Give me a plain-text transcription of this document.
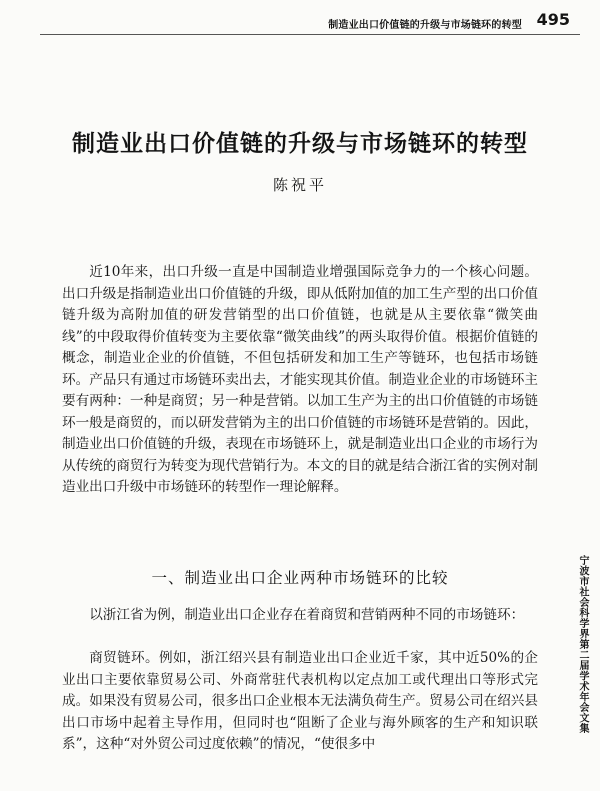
制造业出口价值链的升级与市场链环的转型 495
制造业出口价值链的升级与市场链环的转型
陈祝平

近10年来，出口升级一直是中国制造业增强国际竞争力的一个核心问题。出口升级是指制造业出口价值链的升级，即从低附加值的加工生产型的出口价值链升级为高附加值的研发营销型的出口价值链，也就是从主要依靠“微笑曲线”的中段取得价值转变为主要依靠“微笑曲线”的两头取得价值。根据价值链的概念，制造业企业的价值链，不但包括研发和加工生产等链环，也包括市场链环。产品只有通过市场链环卖出去，才能实现其价值。制造业企业的市场链环主要有两种：一种是商贸；另一种是营销。以加工生产为主的出口价值链的市场链环一般是商贸的，而以研发营销为主的出口价值链的市场链环是营销的。因此，制造业出口价值链的升级，表现在市场链环上，就是制造业出口企业的市场行为从传统的商贸行为转变为现代营销行为。本文的目的就是结合浙江省的实例对制造业出口升级中市场链环的转型作一理论解释。

一、制造业出口企业两种市场链环的比较

以浙江省为例，制造业出口企业存在着商贸和营销两种不同的市场链环：

商贸链环。例如，浙江绍兴县有制造业出口企业近千家，其中近50%的企业出口主要依靠贸易公司、外商常驻代表机构以定点加工或代理出口等形式完成。如果没有贸易公司，很多出口企业根本无法满负荷生产。贸易公司在绍兴县出口市场中起着主导作用，但同时也“阻断了企业与海外顾客的生产和知识联系”，这种“对外贸公司过度依赖”的情况，“使很多中

宁波市社会科学界第二届学术年会文集
